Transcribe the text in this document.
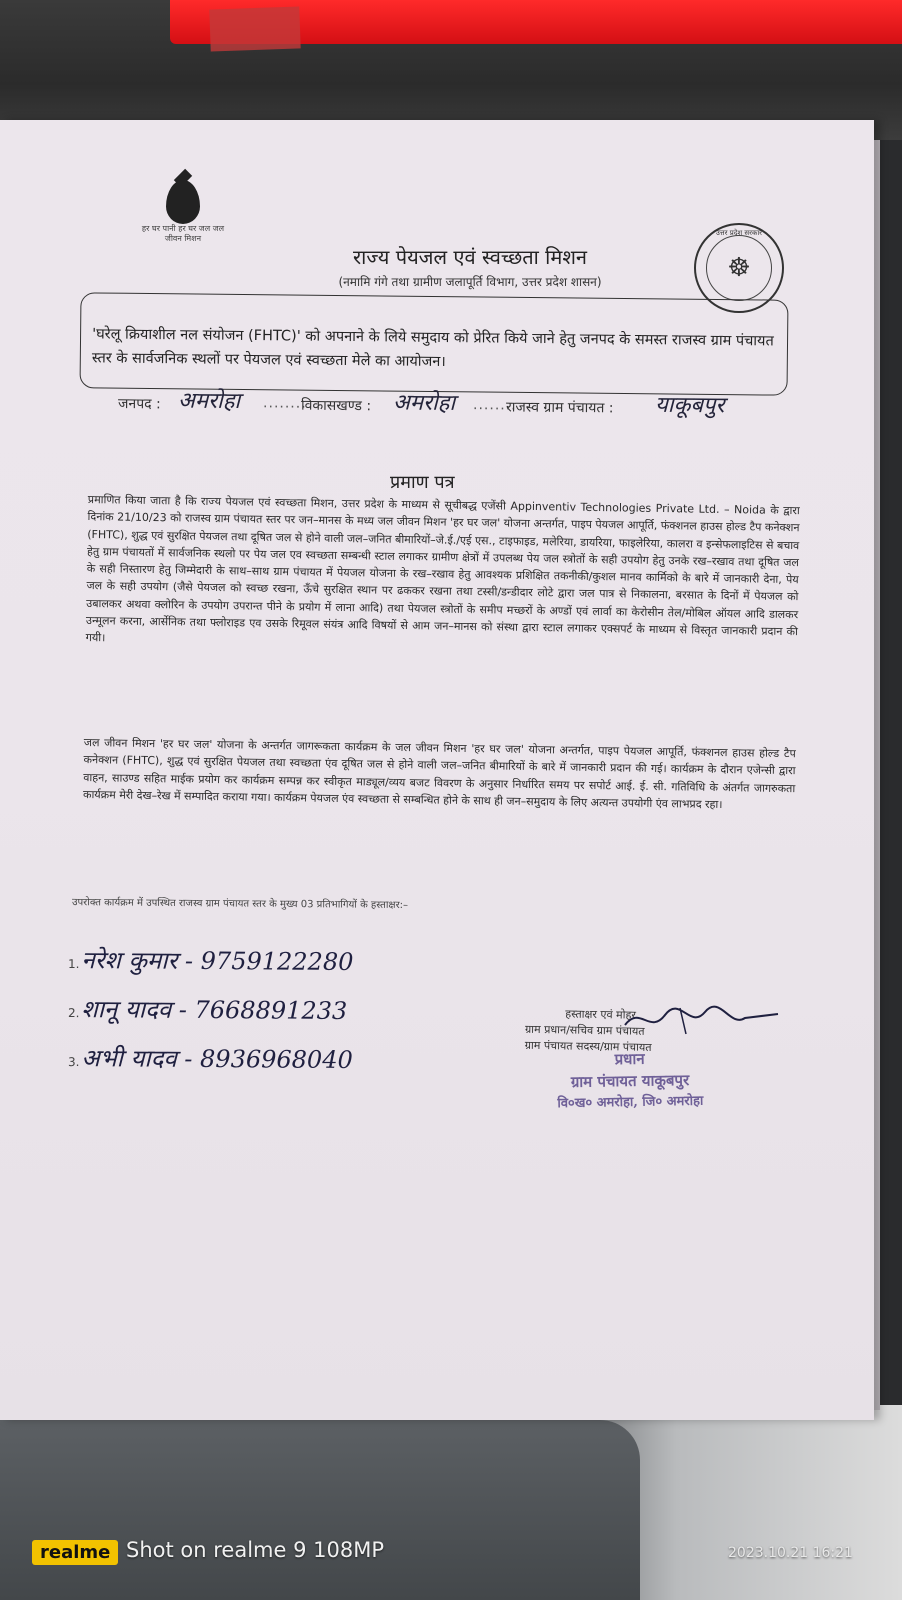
हर घर पानी हर घर जल जल जीवन मिशन
उत्तर प्रदेश सरकार
☸
राज्य पेयजल एवं स्वच्छता मिशन
(नमामि गंगे तथा ग्रामीण जलापूर्ति विभाग, उत्तर प्रदेश शासन)
'घरेलू क्रियाशील नल संयोजन (FHTC)' को अपनाने के लिये समुदाय को प्रेरित किये जाने हेतु जनपद के समस्त राजस्व ग्राम पंचायत स्तर के सार्वजनिक स्थलों पर पेयजल एवं स्वच्छता मेले का आयोजन।
जनपद : अमरोहा ........
विकासखण्ड : अमरोहा ........
राजस्व ग्राम पंचायत : याकूबपुर
प्रमाण पत्र
प्रमाणित किया जाता है कि राज्य पेयजल एवं स्वच्छता मिशन, उत्तर प्रदेश के माध्यम से सूचीबद्ध एजेंसी Appinventiv Technologies Private Ltd. – Noida के द्वारा दिनांक 21/10/23 को राजस्व ग्राम पंचायत स्तर पर जन–मानस के मध्य जल जीवन मिशन 'हर घर जल' योजना अन्तर्गत, पाइप पेयजल आपूर्ति, फंक्शनल हाउस होल्ड टैप कनेक्शन (FHTC), शुद्ध एवं सुरक्षित पेयजल तथा दूषित जल से होने वाली जल–जनित बीमारियों–जे.ई./एई एस., टाइफाइड, मलेरिया, डायरिया, फाइलेरिया, कालरा व इन्सेफलाइटिस से बचाव हेतु ग्राम पंचायतों में सार्वजनिक स्थलो पर पेय जल एव स्वच्छता सम्बन्धी स्टाल लगाकर ग्रामीण क्षेत्रों में उपलब्ध पेय जल स्त्रोतों के सही उपयोग हेतु उनके रख–रखाव तथा दूषित जल के सही निस्तारण हेतु जिम्मेदारी के साथ–साथ ग्राम पंचायत में पेयजल योजना के रख–रखाव हेतु आवश्यक प्रशिक्षित तकनीकी/कुशल मानव कार्मिको के बारे में जानकारी देना, पेय जल के सही उपयोग (जैसे पेयजल को स्वच्छ रखना, ऊँचे सुरक्षित स्थान पर ढककर रखना तथा टस्सी/डन्डीदार लोटे द्वारा जल पात्र से निकालना, बरसात के दिनों में पेयजल को उबालकर अथवा क्लोरिन के उपयोग उपरान्त पीने के प्रयोग में लाना आदि) तथा पेयजल स्त्रोतों के समीप मच्छरों के अण्डों एवं लार्वा का केरोसीन तेल/मोबिल ऑयल आदि डालकर उन्मूलन करना, आर्सेनिक तथा फ्लोराइड एव उसके रिमूवल संयंत्र आदि विषयों से आम जन–मानस को संस्था द्वारा स्टाल लगाकर एक्सपर्ट के माध्यम से विस्तृत जानकारी प्रदान की गयी।
जल जीवन मिशन 'हर घर जल' योजना के अन्तर्गत जागरूकता कार्यक्रम के जल जीवन मिशन 'हर घर जल' योजना अन्तर्गत, पाइप पेयजल आपूर्ति, फंक्शनल हाउस होल्ड टैप कनेक्शन (FHTC), शुद्ध एवं सुरक्षित पेयजल तथा स्वच्छता एंव दूषित जल से होने वाली जल–जनित बीमारियों के बारे में जानकारी प्रदान की गई। कार्यक्रम के दौरान एजेन्सी द्वारा वाहन, साउण्ड सहित माईक प्रयोग कर कार्यक्रम सम्पन्न कर स्वीकृत माड्यूल/व्यय बजट विवरण के अनुसार निर्धारित समय पर सपोर्ट आई. ई. सी. गतिविधि के अंतर्गत जागरुकता कार्यक्रम मेरी देख–रेख में सम्पादित कराया गया। कार्यक्रम पेयजल एंव स्वच्छता से सम्बन्धित होने के साथ ही जन–समुदाय के लिए अत्यन्त उपयोगी एंव लाभप्रद रहा।
उपरोक्त कार्यक्रम में उपस्थित राजस्व ग्राम पंचायत स्तर के मुख्य 03 प्रतिभागियों के हस्ताक्षर:–
1.नरेश कुमार - 9759122280
2.शानू यादव - 7668891233
3.अभी यादव - 8936968040
हस्ताक्षर एवं मोहर
ग्राम प्रधान/सचिव ग्राम पंचायत
ग्राम पंचायत सदस्य/ग्राम पंचायत
प्रधान
ग्राम पंचायत याकूबपुर
वि०ख० अमरोहा, जि० अमरोहा
realme Shot on realme 9 108MP	2023.10.21 16:21
